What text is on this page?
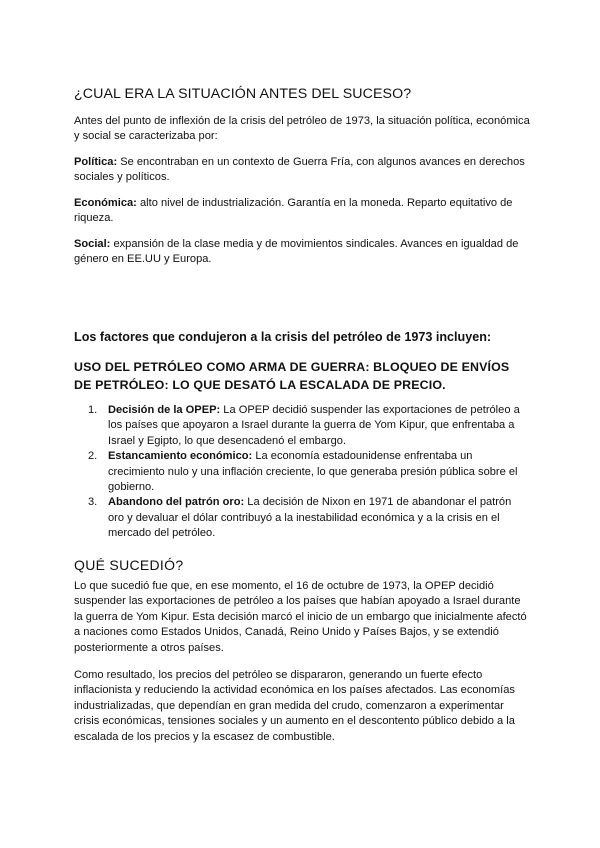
¿CUAL ERA LA SITUACIÓN ANTES DEL SUCESO?
Antes del punto de inflexión de la crisis del petróleo de 1973, la situación política, económica y social se caracterizaba por:
Política: Se encontraban en un contexto de Guerra Fría, con algunos avances en derechos sociales y políticos.
Económica: alto nivel de industrialización. Garantía en la moneda. Reparto equitativo de riqueza.
Social: expansión de la clase media y de movimientos sindicales. Avances en igualdad de género en EE.UU y Europa.
Los factores que condujeron a la crisis del petróleo de 1973 incluyen:
USO DEL PETRÓLEO COMO ARMA DE GUERRA: BLOQUEO DE ENVÍOS DE PETRÓLEO: LO QUE DESATÓ LA ESCALADA DE PRECIO.
1. Decisión de la OPEP: La OPEP decidió suspender las exportaciones de petróleo a los países que apoyaron a Israel durante la guerra de Yom Kipur, que enfrentaba a Israel y Egipto, lo que desencadenó el embargo.
2. Estancamiento económico: La economía estadounidense enfrentaba un crecimiento nulo y una inflación creciente, lo que generaba presión pública sobre el gobierno.
3. Abandono del patrón oro: La decisión de Nixon en 1971 de abandonar el patrón oro y devaluar el dólar contribuyó a la inestabilidad económica y a la crisis en el mercado del petróleo.
QUÉ SUCEDIÓ?
Lo que sucedió fue que, en ese momento, el 16 de octubre de 1973, la OPEP decidió suspender las exportaciones de petróleo a los países que habían apoyado a Israel durante la guerra de Yom Kipur. Esta decisión marcó el inicio de un embargo que inicialmente afectó a naciones como Estados Unidos, Canadá, Reino Unido y Países Bajos, y se extendió posteriormente a otros países.
Como resultado, los precios del petróleo se dispararon, generando un fuerte efecto inflacionista y reduciendo la actividad económica en los países afectados. Las economías industrializadas, que dependían en gran medida del crudo, comenzaron a experimentar crisis económicas, tensiones sociales y un aumento en el descontento público debido a la escalada de los precios y la escasez de combustible.
